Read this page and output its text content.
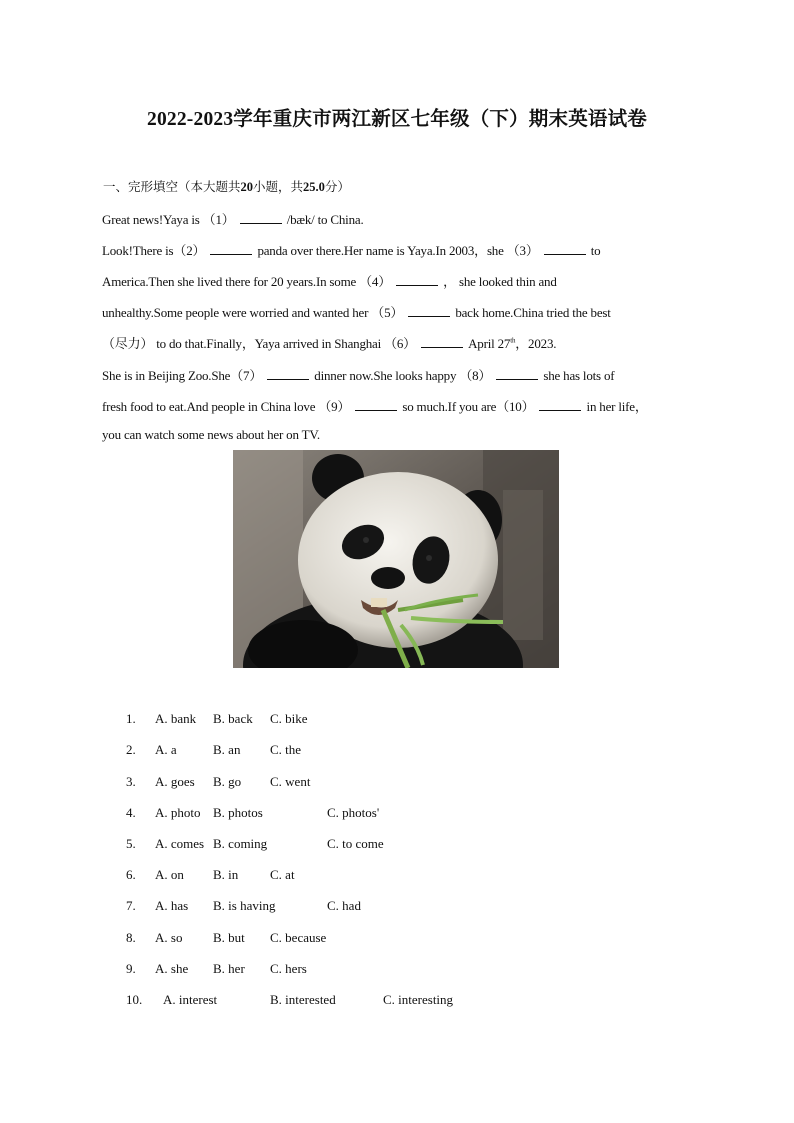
2022-2023学年重庆市两江新区七年级（下）期末英语试卷
一、完形填空（本大题共20小题，共25.0分）
Great news!Yaya is （1）	/bæk/ to China.
Look!There is（2）	panda over there.Her name is Yaya.In 2003，she （3）	to
America.Then she lived there for 20 years.In some （4）	， she looked thin and
unhealthy.Some people were worried and wanted her （5）	back home.China tried the best
（尽力） to do that.Finally，Yaya arrived in Shanghai （6）	April 27th，2023.
She is in Beijing Zoo.She（7）	dinner now.She looks happy （8）	she has lots of
fresh food to eat.And people in China love （9）	so much.If you are（10）	in her life，
you can watch some news about her on TV.
1. A. bank B. back C. bike
2. A. a	B. an C. the
3. A. goes B. go C. went
4. A. photo B. photos	C. photos'
5. A. comes B. coming	C. to come
6. A. on B. in C. at
7. A. has B. is having	C. had
8. A. so B. but C. because
9. A. she B. her C. hers
10. A. interest	B. interested	C. interesting
